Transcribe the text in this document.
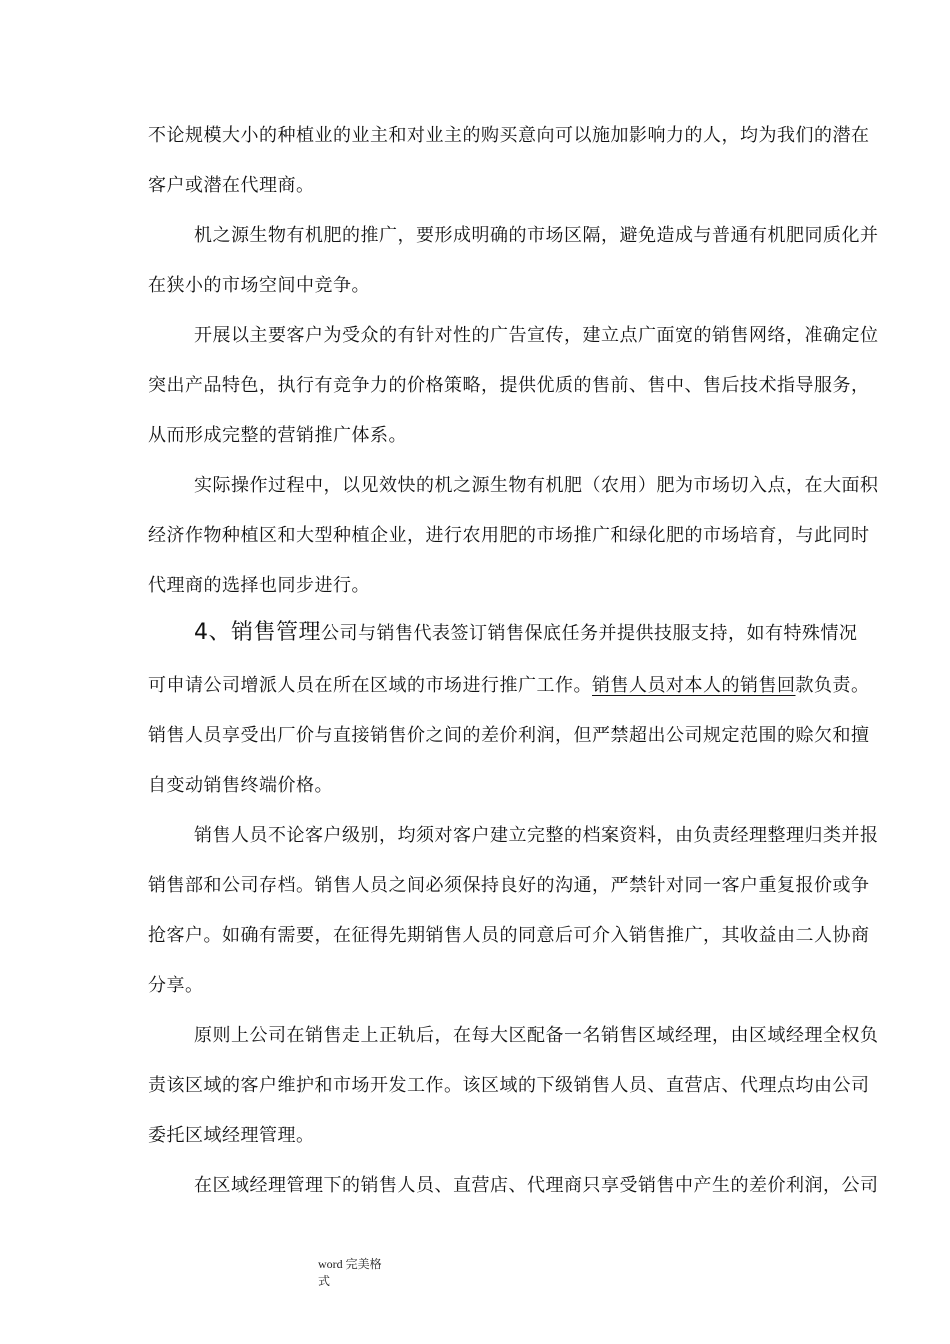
不论规模大小的种植业的业主和对业主的购买意向可以施加影响力的人，均为我们的潜在
客户或潜在代理商。
机之源生物有机肥的推广，要形成明确的市场区隔，避免造成与普通有机肥同质化并
在狭小的市场空间中竞争。
开展以主要客户为受众的有针对性的广告宣传，建立点广面宽的销售网络，准确定位
突出产品特色，执行有竞争力的价格策略，提供优质的售前、售中、售后技术指导服务，
从而形成完整的营销推广体系。
实际操作过程中，以见效快的机之源生物有机肥（农用）肥为市场切入点，在大面积
经济作物种植区和大型种植企业，进行农用肥的市场推广和绿化肥的市场培育，与此同时
代理商的选择也同步进行。
4、销售管理公司与销售代表签订销售保底任务并提供技服支持，如有特殊情况
可申请公司增派人员在所在区域的市场进行推广工作。销售人员对本人的销售回款负责。
销售人员享受出厂价与直接销售价之间的差价利润，但严禁超出公司规定范围的赊欠和擅
自变动销售终端价格。
销售人员不论客户级别，均须对客户建立完整的档案资料，由负责经理整理归类并报
销售部和公司存档。销售人员之间必须保持良好的沟通，严禁针对同一客户重复报价或争
抢客户。如确有需要，在征得先期销售人员的同意后可介入销售推广，其收益由二人协商
分享。
原则上公司在销售走上正轨后，在每大区配备一名销售区域经理，由区域经理全权负
责该区域的客户维护和市场开发工作。该区域的下级销售人员、直营店、代理点均由公司
委托区域经理管理。
在区域经理管理下的销售人员、直营店、代理商只享受销售中产生的差价利润，公司
word 完美格
式
